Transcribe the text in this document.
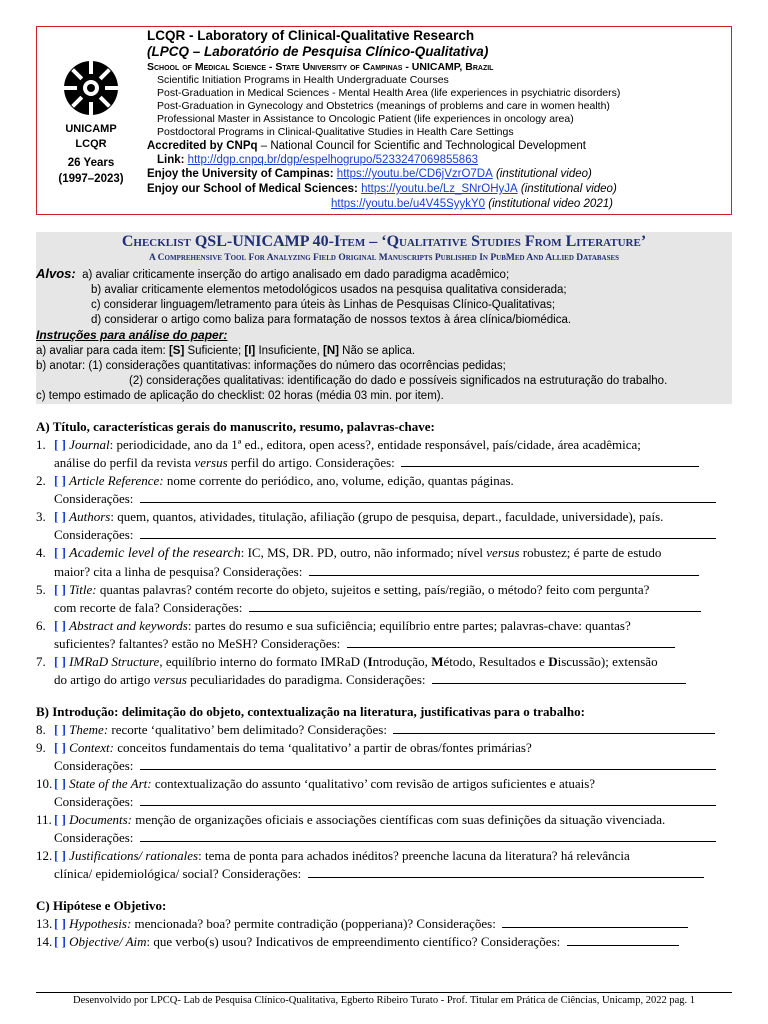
UNICAMP
LCQR
26 Years
(1997–2023)
LCQR - Laboratory of Clinical-Qualitative Research
(LPCQ – Laboratório de Pesquisa Clínico-Qualitativa)
School of Medical Science - State University of Campinas - UNICAMP, Brazil
Scientific Initiation Programs in Health Undergraduate Courses
Post-Graduation in Medical Sciences - Mental Health Area (life experiences in psychiatric disorders)
Post-Graduation in Gynecology and Obstetrics (meanings of problems and care in women health)
Professional Master in Assistance to Oncologic Patient (life experiences in oncology area)
Postdoctoral Programs in Clinical-Qualitative Studies in Health Care Settings
Accredited by CNPq – National Council for Scientific and Technological Development
Link: http://dgp.cnpq.br/dgp/espelhogrupo/5233247069855863
Enjoy the University of Campinas: https://youtu.be/CD6jVzrO7DA (institutional video)
Enjoy our School of Medical Sciences: https://youtu.be/Lz_SNrOHyJA (institutional video)
https://youtu.be/u4V45SyykY0 (institutional video 2021)
Checklist QSL-UNICAMP 40-Item – ‘Qualitative Studies From Literature’
A Comprehensive Tool For Analyzing Field Original Manuscripts Published In PubMed And Allied Databases
Alvos: a) avaliar criticamente inserção do artigo analisado em dado paradigma acadêmico;
b) avaliar criticamente elementos metodológicos usados na pesquisa qualitativa considerada;
c) considerar linguagem/letramento para úteis às Linhas de Pesquisas Clínico-Qualitativas;
d) considerar o artigo como baliza para formatação de nossos textos à área clínica/biomédica.
Instruções para análise do paper:
a) avaliar para cada item: [S] Suficiente; [I] Insuficiente, [N] Não se aplica.
b) anotar: (1) considerações quantitativas: informações do número das ocorrências pedidas;
(2) considerações qualitativas: identificação do dado e possíveis significados na estruturação do trabalho.
c) tempo estimado de aplicação do checklist: 02 horas (média 03 min. por item).
A) Título, características gerais do manuscrito, resumo, palavras-chave:
1. [ ] Journal: periodicidade, ano da 1ª ed., editora, open acess?, entidade responsável, país/cidade, área acadêmica;
análise do perfil da revista versus perfil do artigo. Considerações:
2. [ ] Article Reference: nome corrente do periódico, ano, volume, edição, quantas páginas.
Considerações:
3. [ ] Authors: quem, quantos, atividades, titulação, afiliação (grupo de pesquisa, depart., faculdade, universidade), país.
Considerações:
4. [ ] Academic level of the research: IC, MS, DR. PD, outro, não informado; nível versus robustez; é parte de estudo
maior? cita a linha de pesquisa? Considerações:
5. [ ] Title: quantas palavras? contém recorte do objeto, sujeitos e setting, país/região, o método? feito com pergunta?
com recorte de fala? Considerações:
6. [ ] Abstract and keywords: partes do resumo e sua suficiência; equilíbrio entre partes; palavras-chave: quantas?
suficientes? faltantes? estão no MeSH? Considerações:
7. [ ] IMRaD Structure, equilíbrio interno do formato IMRaD (Introdução, Método, Resultados e Discussão); extensão
do artigo do artigo versus peculiaridades do paradigma. Considerações:
B) Introdução: delimitação do objeto, contextualização na literatura, justificativas para o trabalho:
8. [ ] Theme: recorte ‘qualitativo’ bem delimitado? Considerações:
9. [ ] Context: conceitos fundamentais do tema ‘qualitativo’ a partir de obras/fontes primárias?
Considerações:
10. [ ] State of the Art: contextualização do assunto ‘qualitativo’ com revisão de artigos suficientes e atuais?
Considerações:
11. [ ] Documents: menção de organizações oficiais e associações científicas com suas definições da situação vivenciada.
Considerações:
12. [ ] Justifications/ rationales: tema de ponta para achados inéditos? preenche lacuna da literatura? há relevância
clínica/ epidemiológica/ social? Considerações:
C) Hipótese e Objetivo:
13. [ ] Hypothesis: mencionada? boa? permite contradição (popperiana)? Considerações:
14. [ ] Objective/ Aim: que verbo(s) usou? Indicativos de empreendimento científico? Considerações:
Desenvolvido por LPCQ- Lab de Pesquisa Clínico-Qualitativa, Egberto Ribeiro Turato - Prof. Titular em Prática de Ciências, Unicamp, 2022 pag. 1
